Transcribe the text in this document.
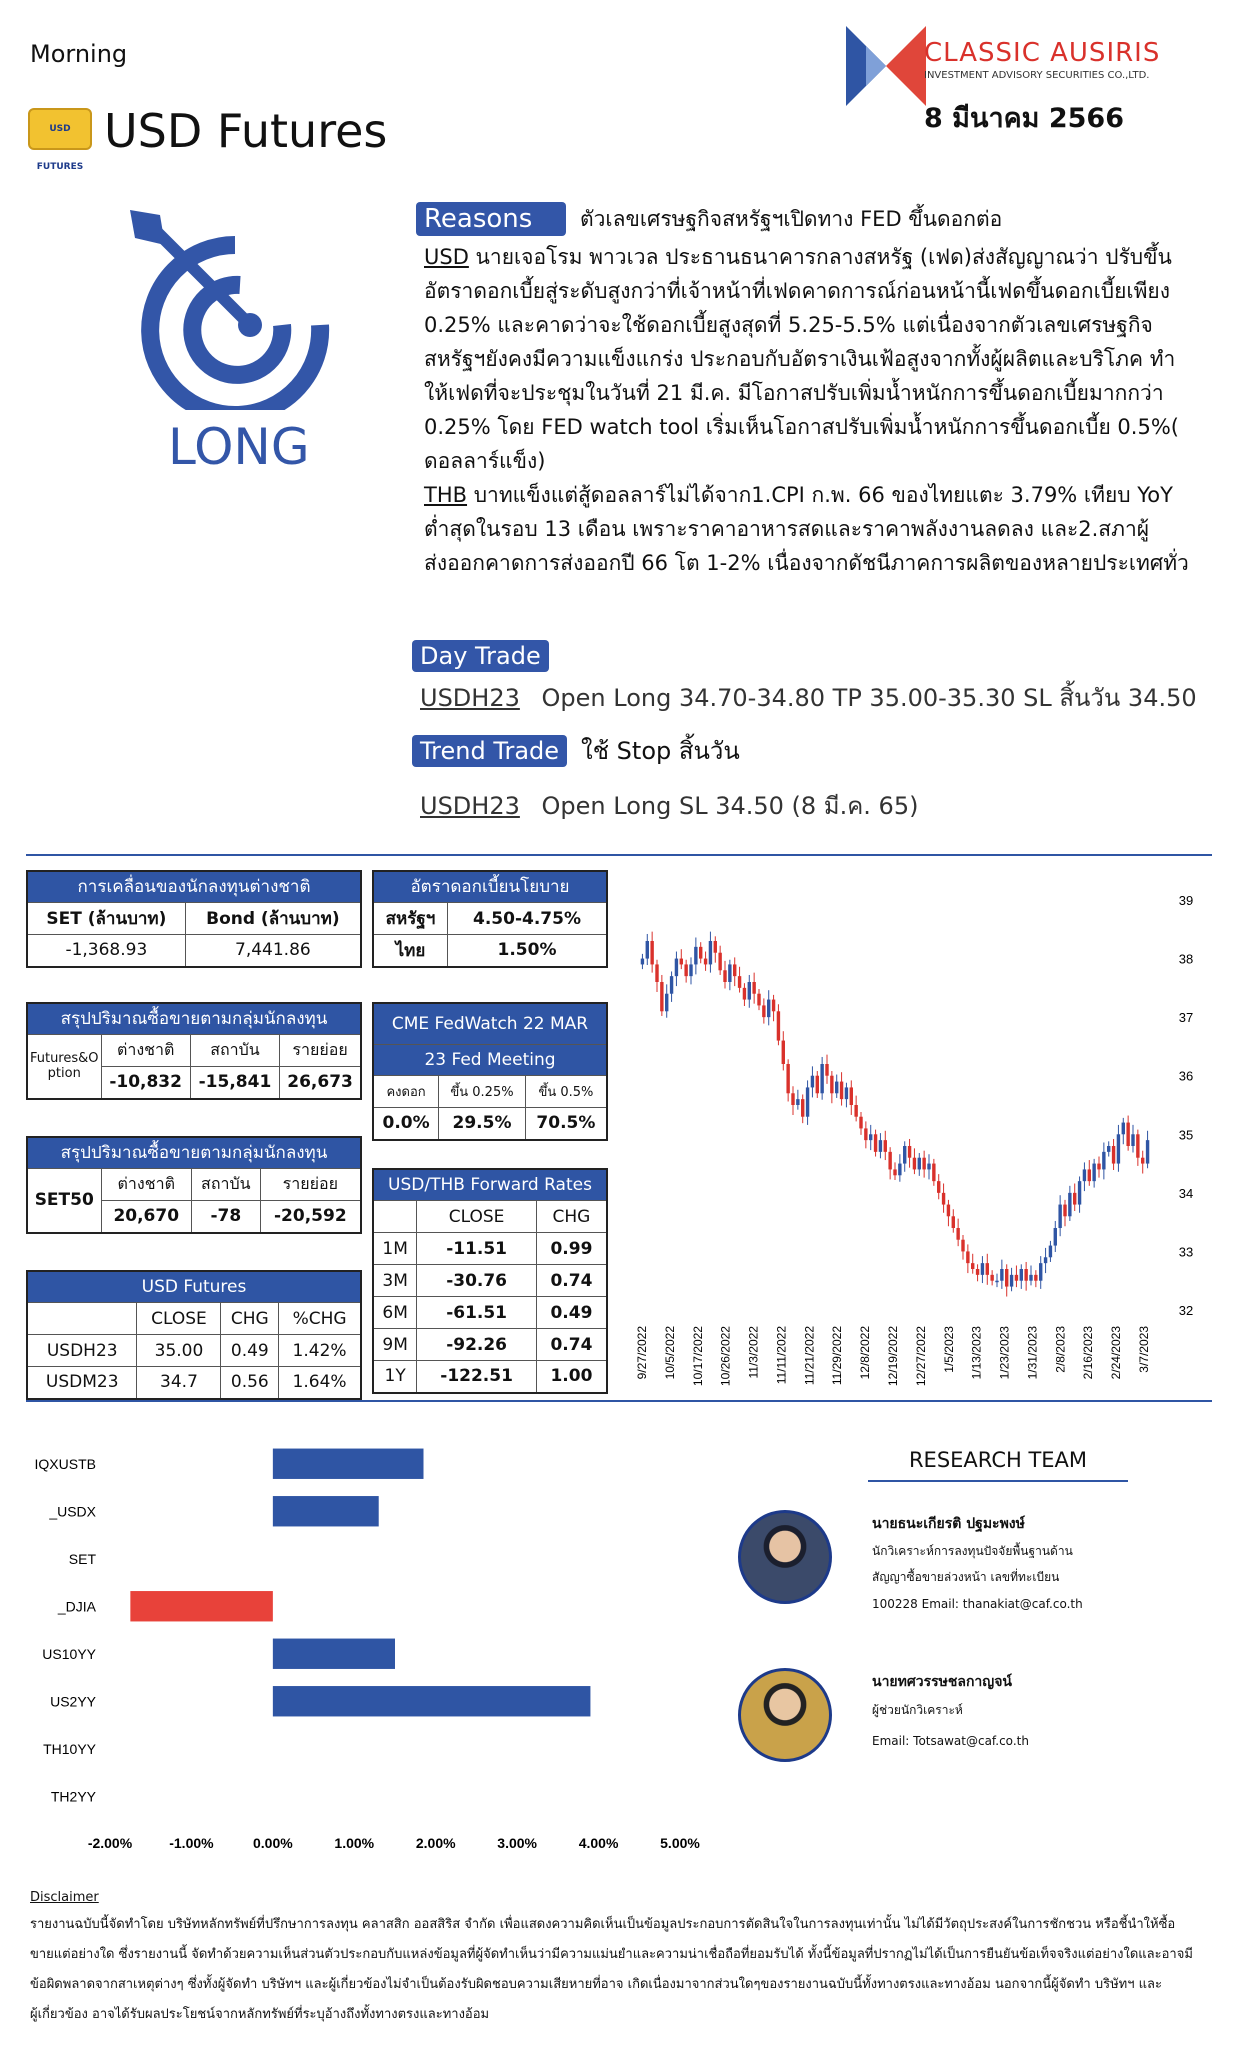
Morning
USD FUTURES
USD Futures
CLASSIC AUSIRIS
INVESTMENT ADVISORY SECURITIES CO.,LTD.
8 มีนาคม 2566
LONG
Reasons	ตัวเลขเศรษฐกิจสหรัฐฯเปิดทาง FED ขึ้นดอกต่อ
USD นายเจอโรม พาวเวล ประธานธนาคารกลางสหรัฐ (เฟด)ส่งสัญญาณว่า ปรับขึ้น
อัตราดอกเบี้ยสู่ระดับสูงกว่าที่เจ้าหน้าที่เฟดคาดการณ์ก่อนหน้านี้เฟดขึ้นดอกเบี้ยเพียง
0.25% และคาดว่าจะใช้ดอกเบี้ยสูงสุดที่ 5.25-5.5% แต่เนื่องจากตัวเลขเศรษฐกิจ
สหรัฐฯยังคงมีความแข็งแกร่ง ประกอบกับอัตราเงินเฟ้อสูงจากทั้งผู้ผลิตและบริโภค ทำ
ให้เฟดที่จะประชุมในวันที่ 21 มี.ค. มีโอกาสปรับเพิ่มน้ำหนักการขึ้นดอกเบี้ยมากกว่า
0.25% โดย FED watch tool เริ่มเห็นโอกาสปรับเพิ่มน้ำหนักการขึ้นดอกเบี้ย 0.5%(
ดอลลาร์แข็ง)
THB บาทแข็งแต่สู้ดอลลาร์ไม่ได้จาก1.CPI ก.พ. 66 ของไทยแตะ 3.79% เทียบ YoY
ต่ำสุดในรอบ 13 เดือน เพราะราคาอาหารสดและราคาพลังงานลดลง และ2.สภาผู้
ส่งออกคาดการส่งออกปี 66 โต 1-2% เนื่องจากดัชนีภาคการผลิตของหลายประเทศทั่ว
Day Trade
USDH23 Open Long 34.70-34.80 TP 35.00-35.30 SL สิ้นวัน 34.50
Trend Trade ใช้ Stop สิ้นวัน
USDH23 Open Long SL 34.50 (8 มี.ค. 65)
การเคลื่อนของนักลงทุนต่างชาติ	
SET (ล้านบาท)	Bond (ล้านบาท)
-1,368.93	7,441.86
อัตราดอกเบี้ยนโยบาย	
สหรัฐฯ	4.50-4.75%
ไทย	1.50%
สรุปปริมาณซื้อขายตามกลุ่มนักลงทุน			
Futures&O
ption	ต่างชาติ	สถาบัน	รายย่อย
	-10,832	-15,841	26,673
CME FedWatch 22 MAR		
23 Fed Meeting		
คงดอก	ขึ้น 0.25%	ขึ้น 0.5%
0.0%	29.5%	70.5%
สรุปปริมาณซื้อขายตามกลุ่มนักลงทุน			
SET50	ต่างชาติ	สถาบัน	รายย่อย
	20,670	-78	-20,592
USD Futures			
	CLOSE	CHG	%CHG
USDH23	35.00	0.49	1.42%
USDM23	34.7	0.56	1.64%
USD/THB Forward Rates		
	CLOSE	CHG
1M	-11.51	0.99
3M	-30.76	0.74
6M	-61.51	0.49
9M	-92.26	0.74
1Y	-122.51	1.00
39
38
37
36
35
34
33
32
9/27/2022 10/5/2022 10/17/2022 10/26/2022 11/3/2022 11/11/2022 11/21/2022 11/29/2022 12/8/2022 12/19/2022 12/27/2022 1/5/2023 1/13/2023 1/23/2023 1/31/2023 2/8/2023 2/16/2023 2/24/2023 3/7/2023
IQXUSTB
_USDX
SET
_DJIA
US10YY
US2YY
TH10YY
TH2YY
-2.00%	-1.00%	0.00%	1.00%	2.00%	3.00%	4.00%	5.00%
RESEARCH TEAM
นายธนะเกียรติ ปฐมะพงษ์
นักวิเคราะห์การลงทุนปัจจัยพื้นฐานด้าน
สัญญาซื้อขายล่วงหน้า เลขที่ทะเบียน
100228 Email: thanakiat@caf.co.th
นายทศวรรษชลกาญจน์
ผู้ช่วยนักวิเคราะห์
Email: Totsawat@caf.co.th
Disclaimer

รายงานฉบับนี้จัดทำโดย บริษัทหลักทรัพย์ที่ปรึกษาการลงทุน คลาสสิก ออสสิริส จำกัด เพื่อแสดงความคิดเห็นเป็นข้อมูลประกอบการตัดสินใจในการลงทุนเท่านั้น ไม่ได้มีวัตถุประสงค์ในการชักชวน หรือชี้นำให้ซื้อ

ขายแต่อย่างใด ซึ่งรายงานนี้ จัดทำด้วยความเห็นส่วนตัวประกอบกับแหล่งข้อมูลที่ผู้จัดทำเห็นว่ามีความแม่นยำและความน่าเชื่อถือที่ยอมรับได้ ทั้งนี้ข้อมูลที่ปรากฏไม่ได้เป็นการยืนยันข้อเท็จจริงแต่อย่างใดและอาจมี

ข้อผิดพลาดจากสาเหตุต่างๆ ซึ่งทั้งผู้จัดทำ บริษัทฯ และผู้เกี่ยวข้องไม่จำเป็นต้องรับผิดชอบความเสียหายที่อาจ เกิดเนื่องมาจากส่วนใดๆของรายงานฉบับนี้ทั้งทางตรงและทางอ้อม นอกจากนี้ผู้จัดทำ บริษัทฯ และ

ผู้เกี่ยวข้อง อาจได้รับผลประโยชน์จากหลักทรัพย์ที่ระบุอ้างถึงทั้งทางตรงและทางอ้อม
